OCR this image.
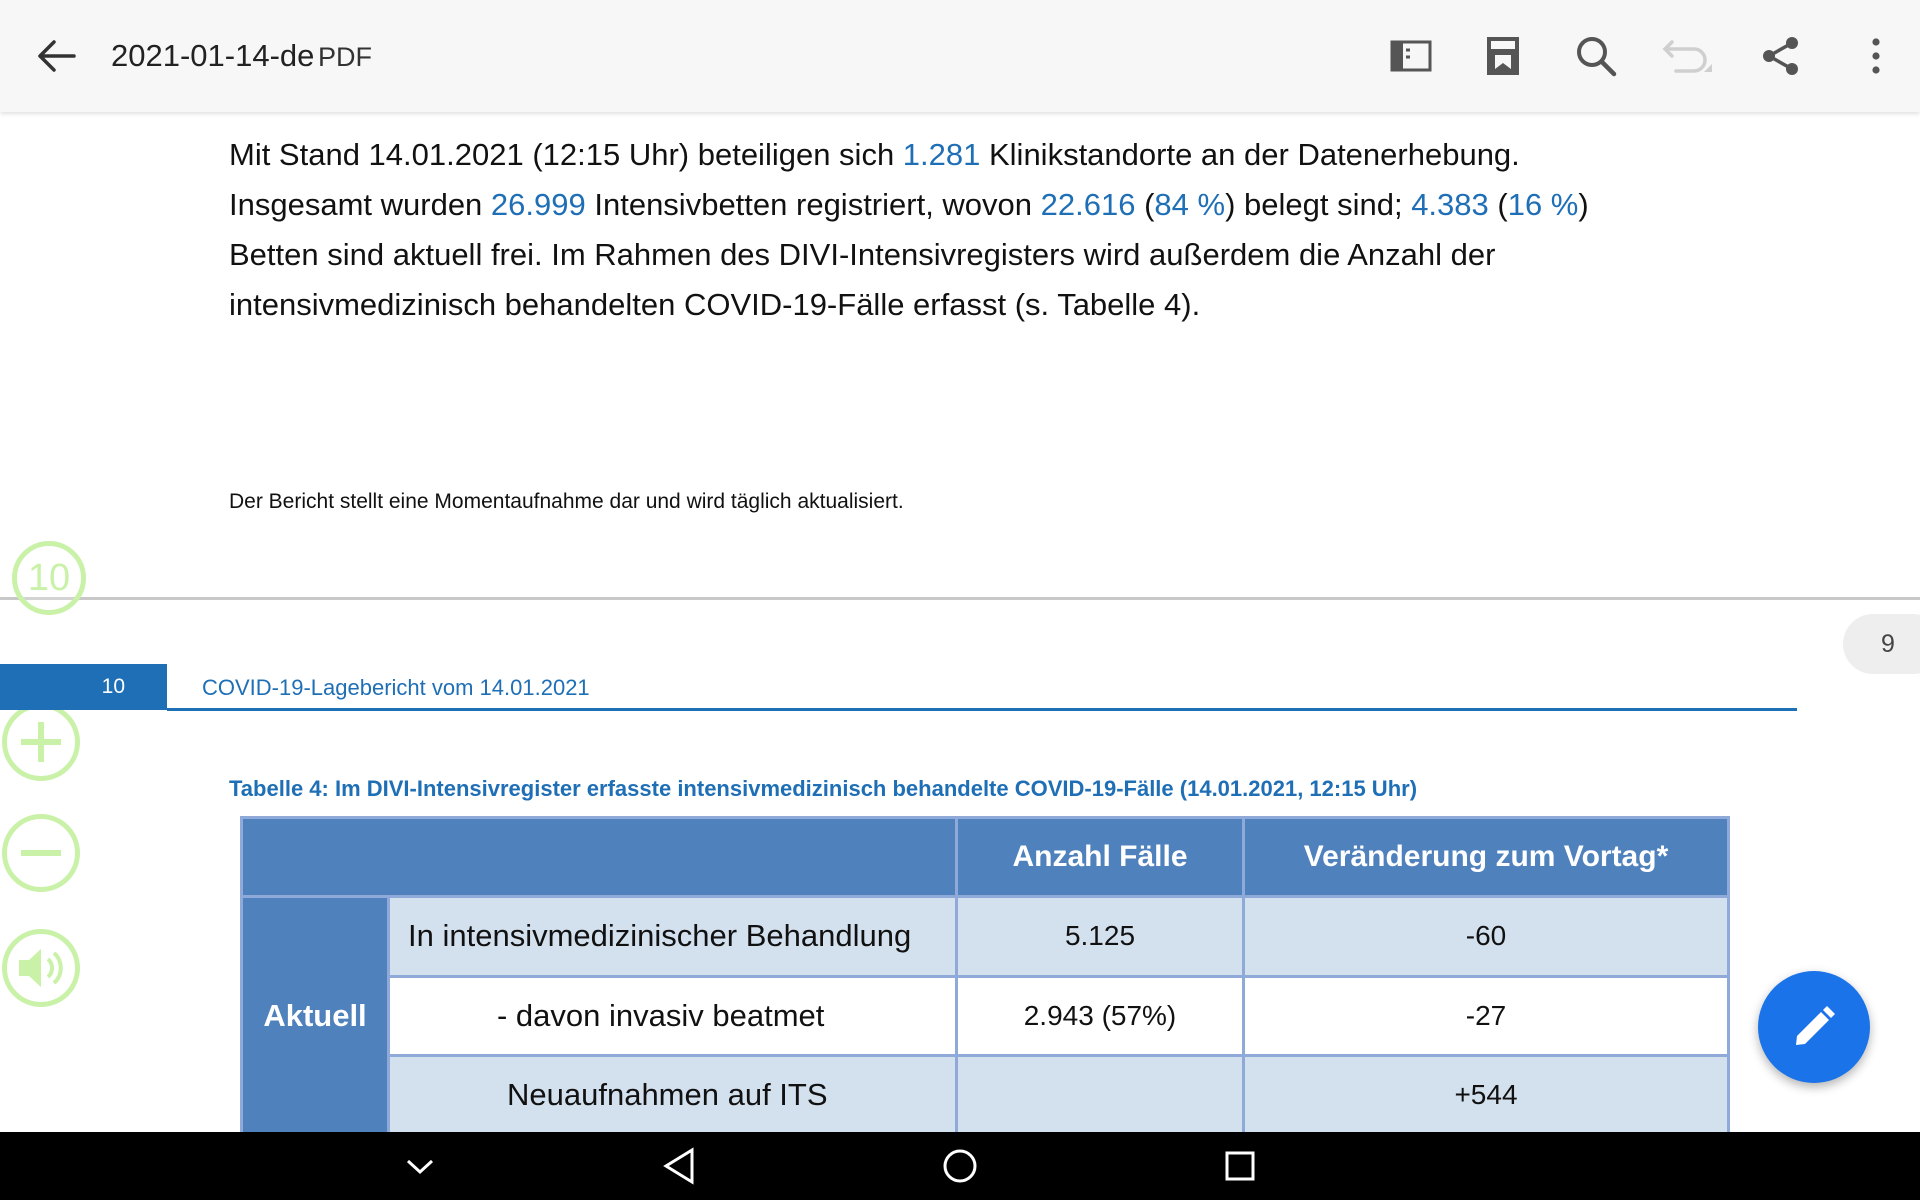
2021-01-14-de PDF
Mit Stand 14.01.2021 (12:15 Uhr) beteiligen sich 1.281 Klinikstandorte an der Datenerhebung.
Insgesamt wurden 26.999 Intensivbetten registriert, wovon 22.616 (84 %) belegt sind; 4.383 (16 %)
Betten sind aktuell frei. Im Rahmen des DIVI-Intensivregisters wird außerdem die Anzahl der
intensivmedizinisch behandelten COVID-19-Fälle erfasst (s. Tabelle 4).
Der Bericht stellt eine Momentaufnahme dar und wird täglich aktualisiert.
10
9
10	COVID-19-Lagebericht vom 14.01.2021
Tabelle 4: Im DIVI-Intensivregister erfasste intensivmedizinisch behandelte COVID-19-Fälle (14.01.2021, 12:15 Uhr)
		Anzahl Fälle	Veränderung zum Vortag*
Aktuell	In intensivmedizinischer Behandlung	5.125	-60
	- davon invasiv beatmet	2.943 (57%)	-27
	Neuaufnahmen auf ITS		+544
